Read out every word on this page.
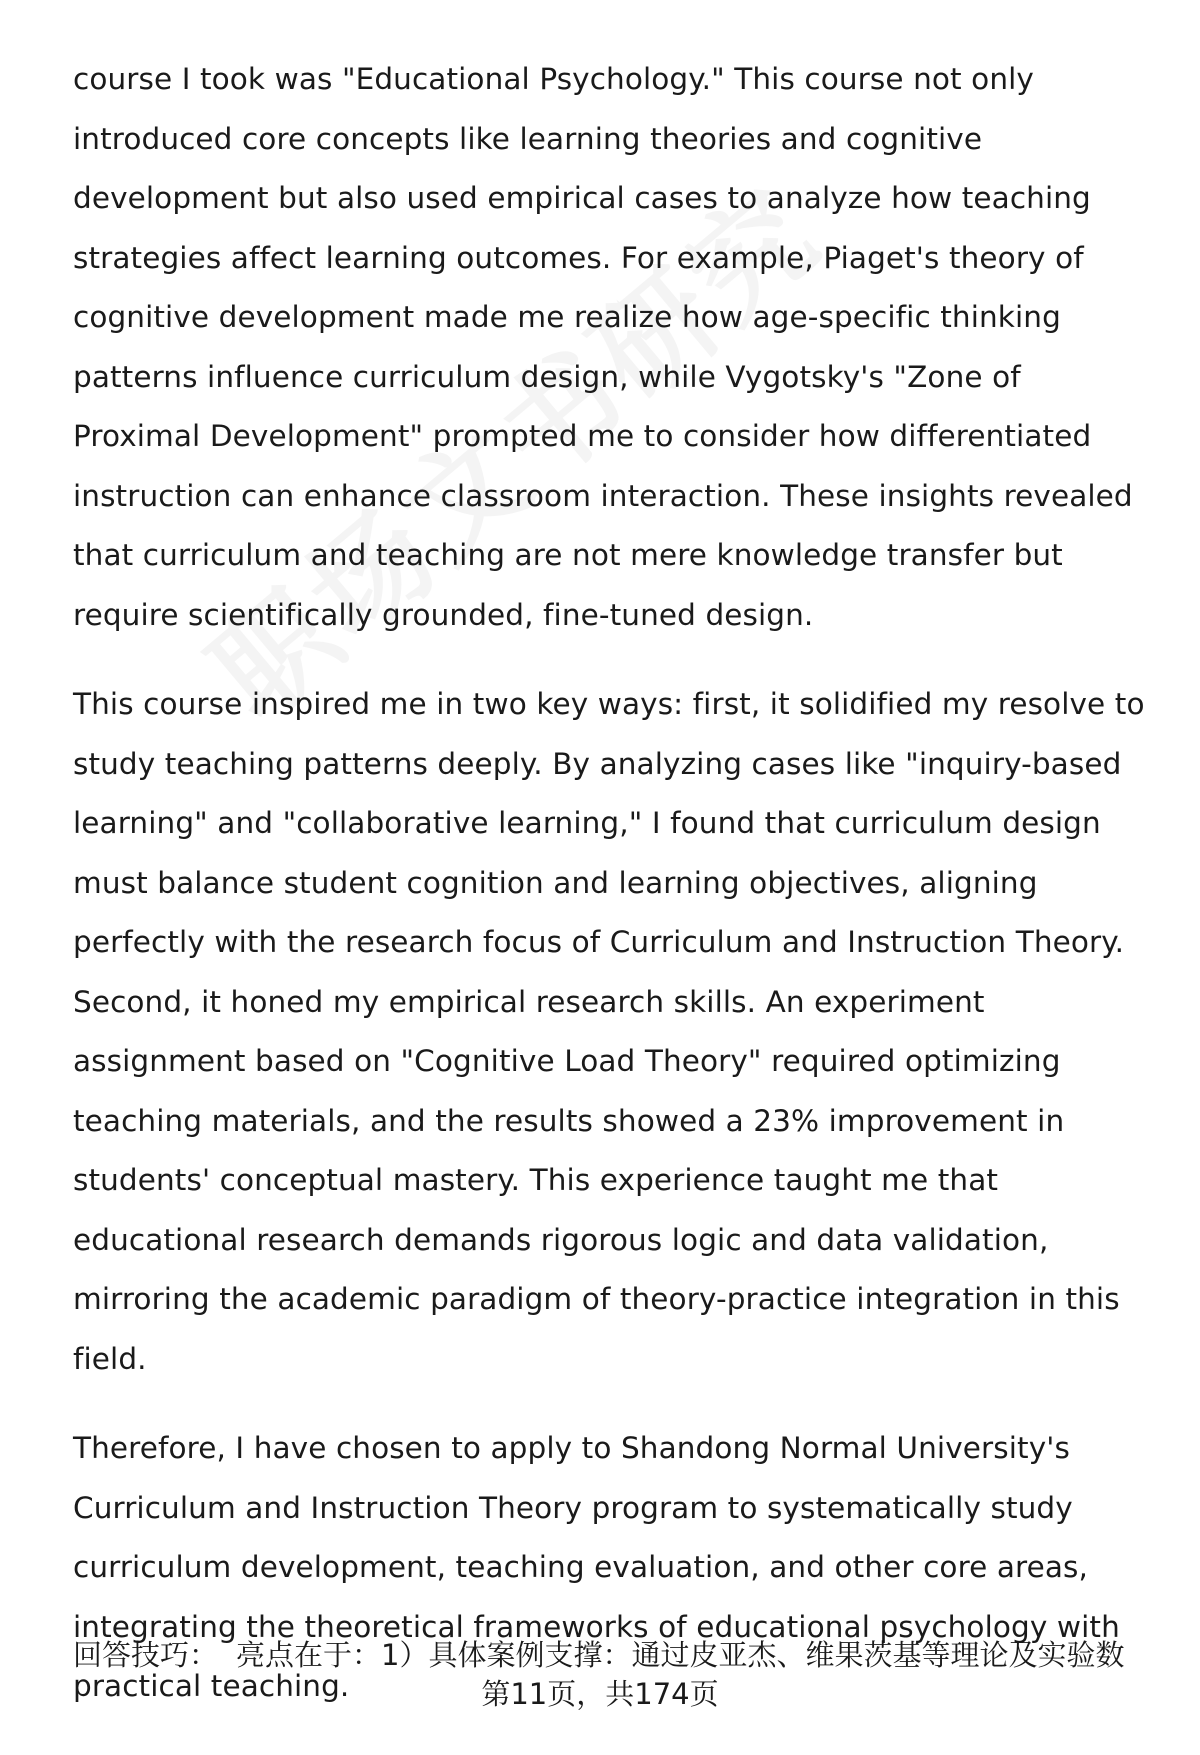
course I took was "Educational Psychology." This course not only introduced core concepts like learning theories and cognitive development but also used empirical cases to analyze how teaching strategies affect learning outcomes. For example, Piaget's theory of cognitive development made me realize how age-specific thinking patterns influence curriculum design, while Vygotsky's "Zone of Proximal Development" prompted me to consider how differentiated instruction can enhance classroom interaction. These insights revealed that curriculum and teaching are not mere knowledge transfer but require scientifically grounded, fine-tuned design.

This course inspired me in two key ways: first, it solidified my resolve to study teaching patterns deeply. By analyzing cases like "inquiry-based learning" and "collaborative learning," I found that curriculum design must balance student cognition and learning objectives, aligning perfectly with the research focus of Curriculum and Instruction Theory. Second, it honed my empirical research skills. An experiment assignment based on "Cognitive Load Theory" required optimizing teaching materials, and the results showed a 23% improvement in students' conceptual mastery. This experience taught me that educational research demands rigorous logic and data validation, mirroring the academic paradigm of theory-practice integration in this field.

Therefore, I have chosen to apply to Shandong Normal University's Curriculum and Instruction Theory program to systematically study curriculum development, teaching evaluation, and other core areas, integrating the theoretical frameworks of educational psychology with practical teaching.

回答技巧： 亮点在于：1）具体案例支撑：通过皮亚杰、维果茨基等理论及实验数
第11页，共174页
